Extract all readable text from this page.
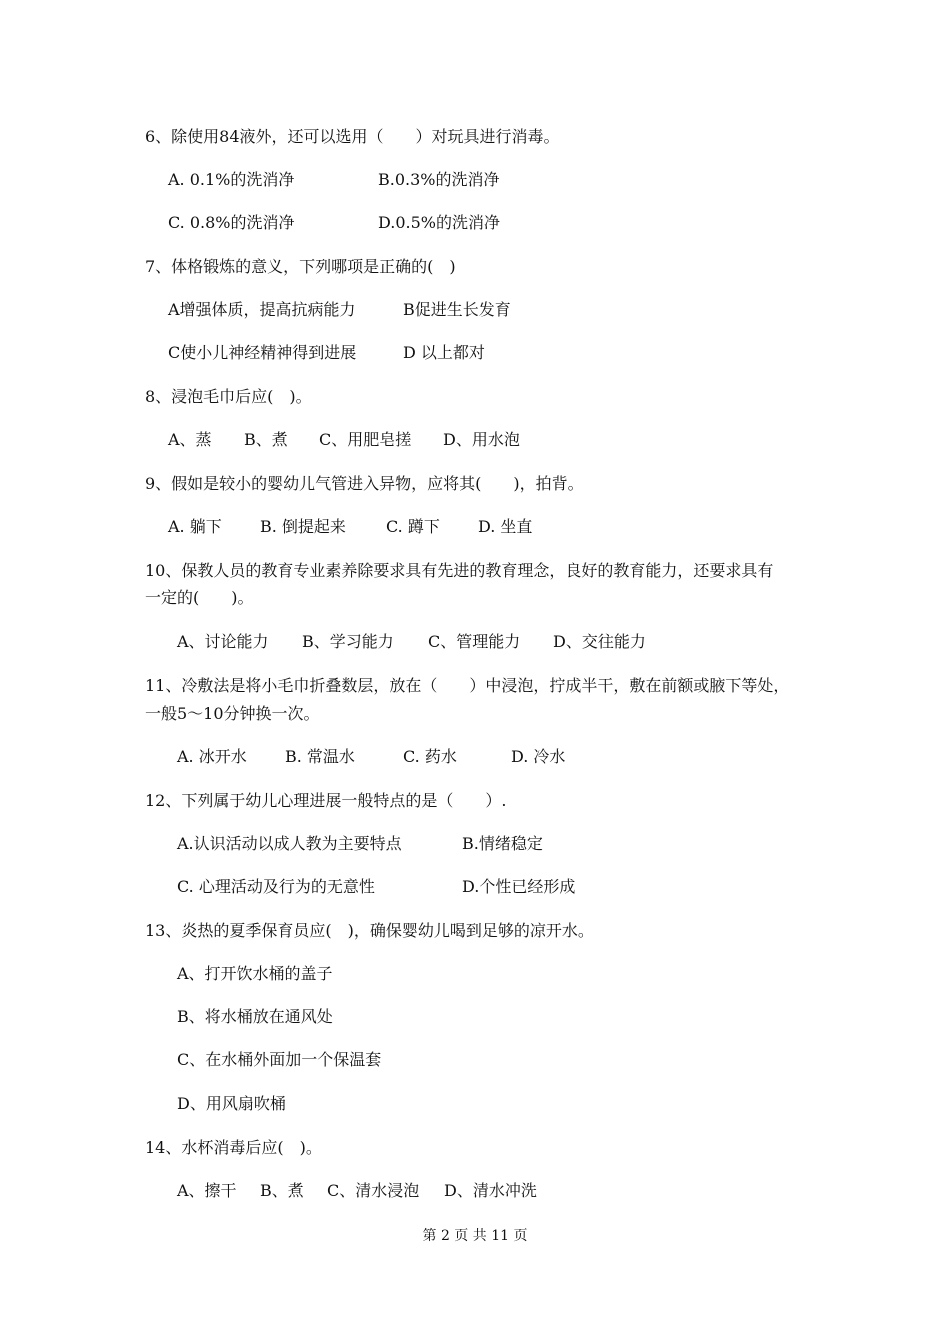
6、除使用84液外，还可以选用（　　）对玩具进行消毒。
A. 0.1%的洗消净	B.0.3%的洗消净
C. 0.8%的洗消净	D.0.5%的洗消净
7、体格锻炼的意义，下列哪项是正确的(　)
A增强体质，提高抗病能力	B促进生长发育
C使小儿神经精神得到进展	D 以上都对
8、浸泡毛巾后应(　)。
A、蒸 B、煮 C、用肥皂搓 D、用水泡
9、假如是较小的婴幼儿气管进入异物，应将其(　　)，拍背。
A. 躺下 B. 倒提起来	C. 蹲下 D. 坐直
10、保教人员的教育专业素养除要求具有先进的教育理念，良好的教育能力，还要求具有
一定的(　　)。
A、讨论能力 B、学习能力 C、管理能力 D、交往能力
11、冷敷法是将小毛巾折叠数层，放在（　　）中浸泡，拧成半干，敷在前额或腋下等处，
一般5～10分钟换一次。
A. 冰开水 B. 常温水	C. 药水	D. 冷水
12、下列属于幼儿心理进展一般特点的是（　　）.
A.认识活动以成人教为主要特点	B.情绪稳定
C. 心理活动及行为的无意性	D.个性已经形成
13、炎热的夏季保育员应(　)，确保婴幼儿喝到足够的凉开水。
A、打开饮水桶的盖子
B、将水桶放在通风处
C、在水桶外面加一个保温套
D、用风扇吹桶
14、水杯消毒后应(　)。
A、擦干 B、煮 C、清水浸泡 D、清水冲洗
第 2 页 共 11 页
